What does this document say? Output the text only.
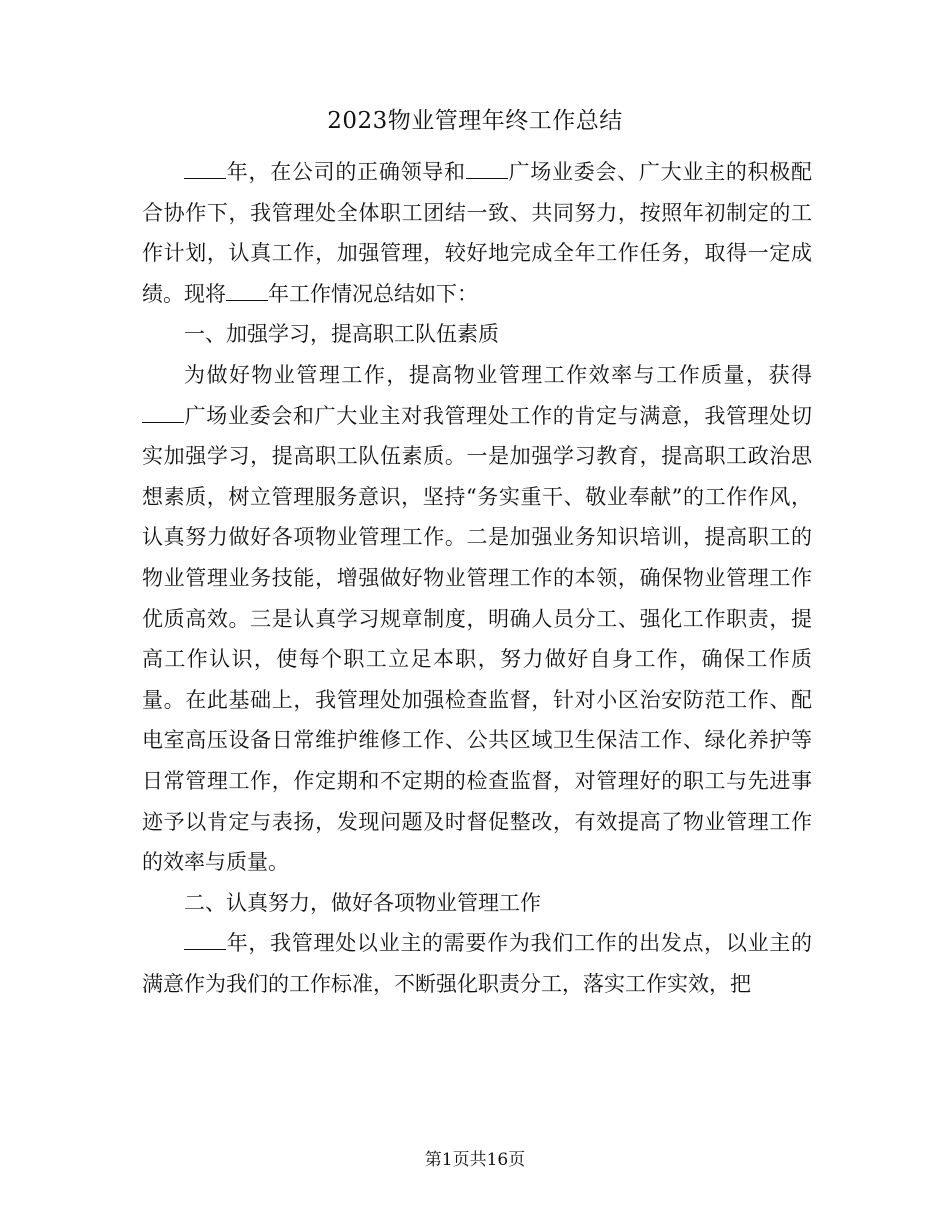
2023物业管理年终工作总结

年，在公司的正确领导和 广场业委会、广大业主的积极配合协作下，我管理处全体职工团结一致、共同努力，按照年初制定的工作计划，认真工作，加强管理，较好地完成全年工作任务，取得一定成绩。现将 年工作情况总结如下：

一、加强学习，提高职工队伍素质

为做好物业管理工作，提高物业管理工作效率与工作质量，获得广场业委会和广大业主对我管理处工作的肯定与满意，我管理处切实加强学习，提高职工队伍素质。一是加强学习教育，提高职工政治思想素质，树立管理服务意识，坚持“务实重干、敬业奉献”的工作作风，认真努力做好各项物业管理工作。二是加强业务知识培训，提高职工的物业管理业务技能，增强做好物业管理工作的本领，确保物业管理工作优质高效。三是认真学习规章制度，明确人员分工、强化工作职责，提高工作认识，使每个职工立足本职，努力做好自身工作，确保工作质量。在此基础上，我管理处加强检查监督，针对小区治安防范工作、配电室高压设备日常维护维修工作、公共区域卫生保洁工作、绿化养护等日常管理工作，作定期和不定期的检查监督，对管理好的职工与先进事迹予以肯定与表扬，发现问题及时督促整改，有效提高了物业管理工作的效率与质量。

二、认真努力，做好各项物业管理工作

年，我管理处以业主的需要作为我们工作的出发点，以业主的满意作为我们的工作标准，不断强化职责分工，落实工作实效，把

第1页共16页
